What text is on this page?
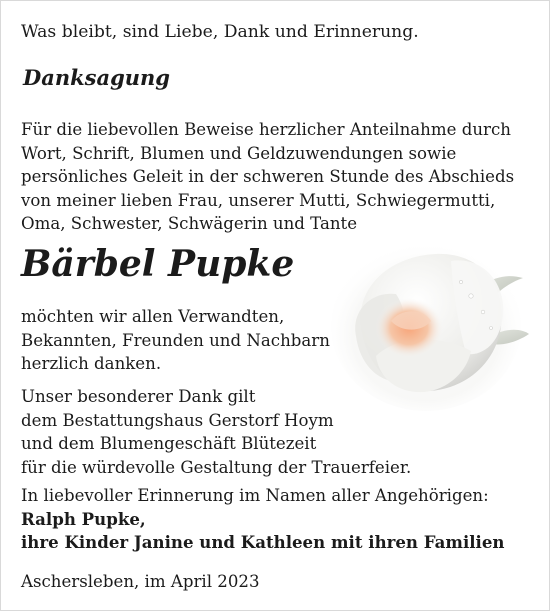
Was bleibt, sind Liebe, Dank und Erinnerung.
Danksagung
Für die liebevollen Beweise herzlicher Anteilnahme durch
Wort, Schrift, Blumen und Geldzuwendungen sowie
persönliches Geleit in der schweren Stunde des Abschieds
von meiner lieben Frau, unserer Mutti, Schwiegermutti,
Oma, Schwester, Schwägerin und Tante
Bärbel Pupke
möchten wir allen Verwandten,
Bekannten, Freunden und Nachbarn
herzlich danken.
Unser besonderer Dank gilt
dem Bestattungshaus Gerstorf Hoym
und dem Blumengeschäft Blütezeit
für die würdevolle Gestaltung der Trauerfeier.
In liebevoller Erinnerung im Namen aller Angehörigen:
Ralph Pupke,
ihre Kinder Janine und Kathleen mit ihren Familien
Aschersleben, im April 2023
